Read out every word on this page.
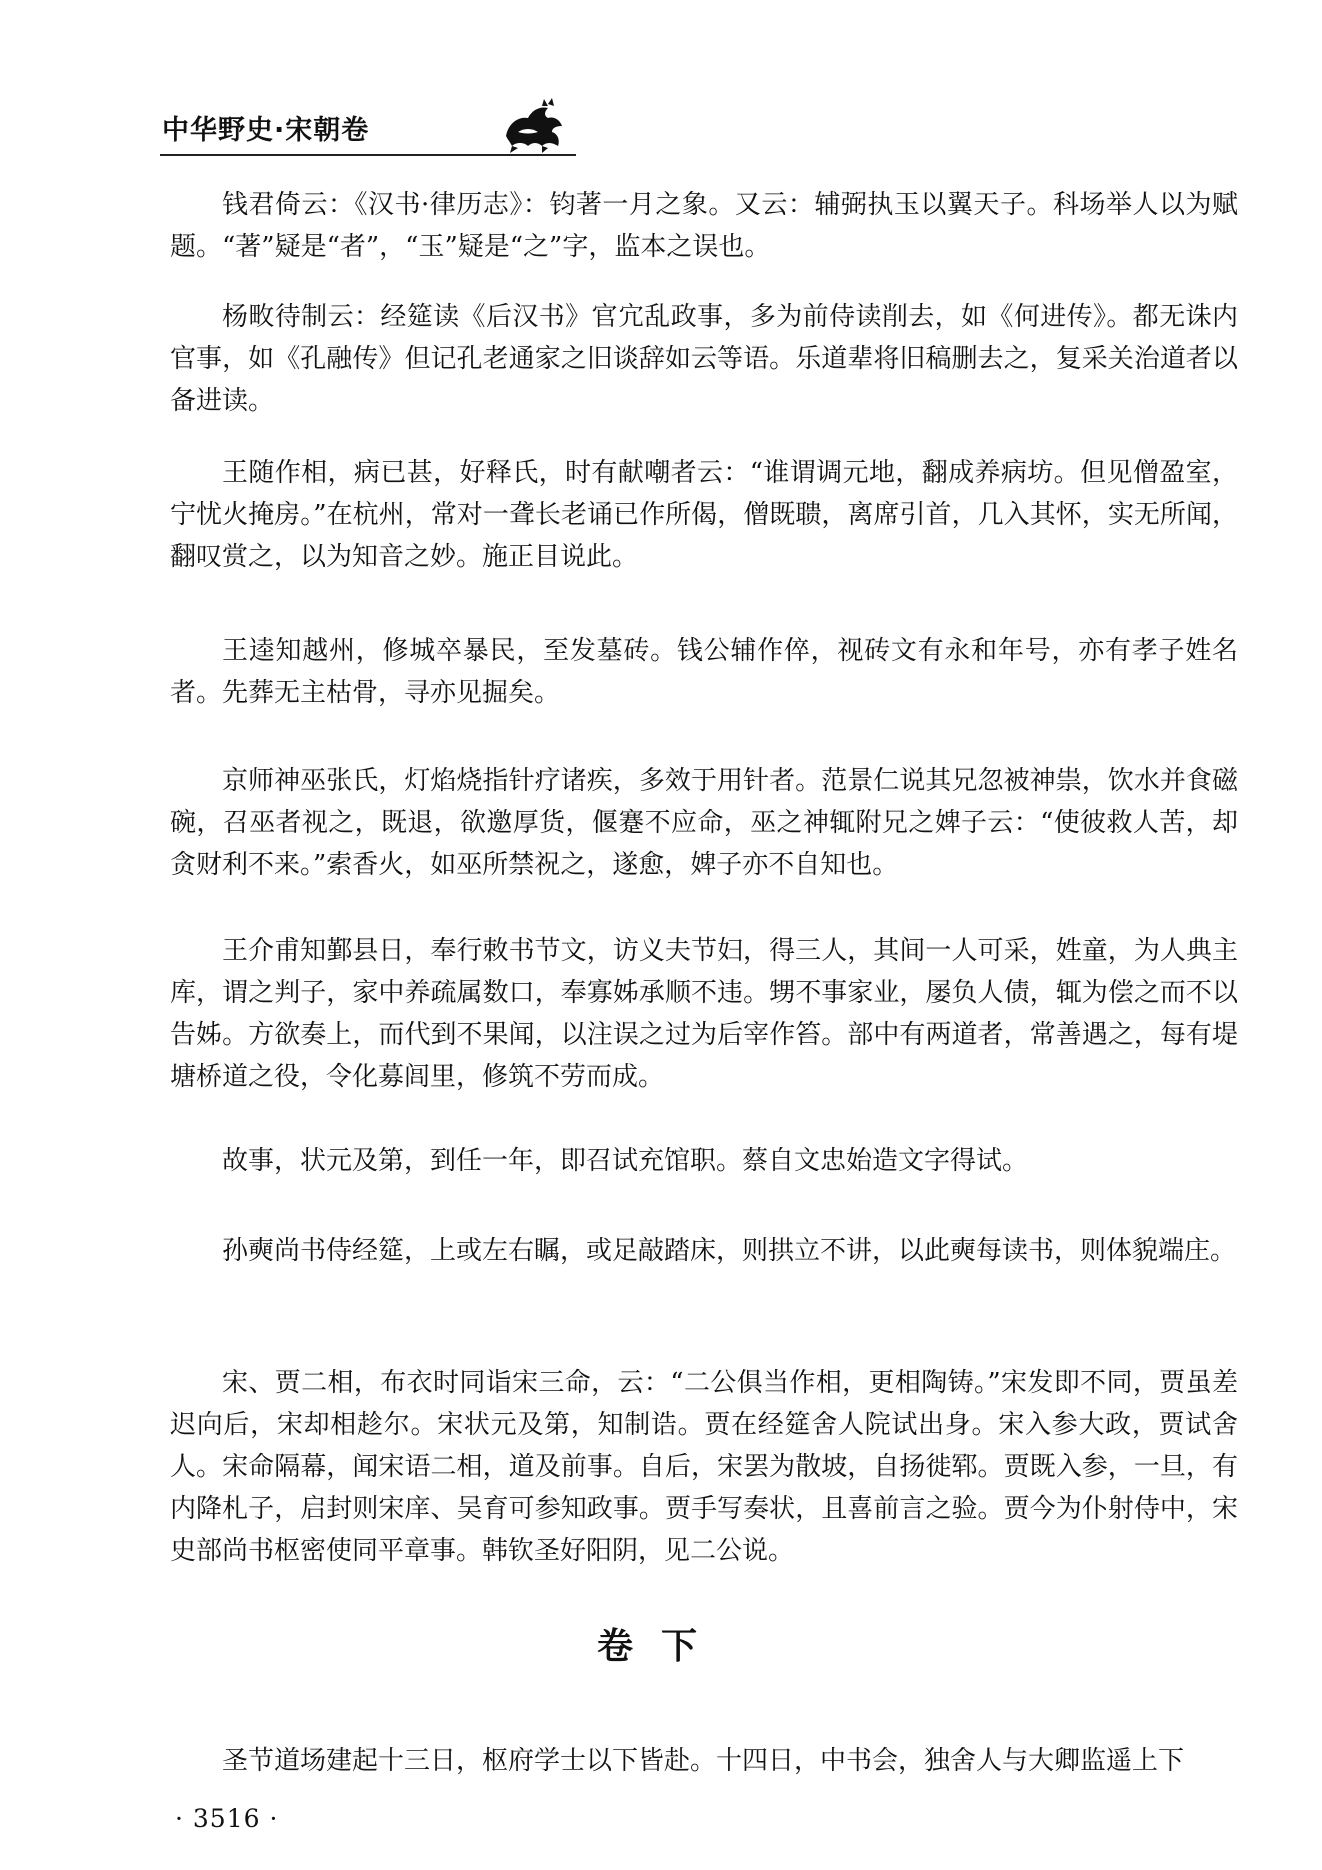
中华野史·宋朝卷

钱君倚云：《汉书·律历志》：钧著一月之象。又云：辅弼执玉以翼天子。科场举人以为赋题。“著”疑是“者”，“玉”疑是“之”字，监本之误也。

杨畋待制云：经筵读《后汉书》官宂乱政事，多为前侍读削去，如《何进传》。都无诛内官事，如《孔融传》但记孔老通家之旧谈辞如云等语。乐道辈将旧稿删去之，复采关治道者以备进读。

王随作相，病已甚，好释氏，时有献嘲者云：“谁谓调元地，翻成养病坊。但见僧盈室，宁忧火掩房。”在杭州，常对一聋长老诵已作所偈，僧既聩，离席引首，几入其怀，实无所闻，翻叹赏之，以为知音之妙。施正目说此。

王逵知越州，修城卒暴民，至发墓砖。钱公辅作倅，视砖文有永和年号，亦有孝子姓名者。先葬无主枯骨，寻亦见掘矣。

京师神巫张氏，灯焰烧指针疗诸疾，多效于用针者。范景仁说其兄忽被神祟，饮水并食磁碗，召巫者视之，既退，欲邀厚货，偃蹇不应命，巫之神辄附兄之婢子云：“使彼救人苦，却贪财利不来。”索香火，如巫所禁祝之，遂愈，婢子亦不自知也。

王介甫知鄞县日，奉行敕书节文，访义夫节妇，得三人，其间一人可采，姓童，为人典主库，谓之判子，家中养疏属数口，奉寡姊承顺不违。甥不事家业，屡负人债，辄为偿之而不以告姊。方欲奏上，而代到不果闻，以注误之过为后宰作笞。部中有两道者，常善遇之，每有堤塘桥道之役，令化募闾里，修筑不劳而成。

故事，状元及第，到任一年，即召试充馆职。蔡自文忠始造文字得试。

孙奭尚书侍经筵，上或左右瞩，或足敲踏床，则拱立不讲，以此奭每读书，则体貌端庄。

宋、贾二相，布衣时同诣宋三命，云：“二公俱当作相，更相陶铸。”宋发即不同，贾虽差迟向后，宋却相趁尔。宋状元及第，知制诰。贾在经筵舍人院试出身。宋入参大政，贾试舍人。宋命隔幕，闻宋语二相，道及前事。自后，宋罢为散坡，自扬徙郓。贾既入参，一旦，有内降札子，启封则宋庠、吴育可参知政事。贾手写奏状，且喜前言之验。贾今为仆射侍中，宋史部尚书枢密使同平章事。韩钦圣好阳阴，见二公说。

卷下

圣节道场建起十三日，枢府学士以下皆赴。十四日，中书会，独舍人与大卿监遥上下

· 3516 ·
